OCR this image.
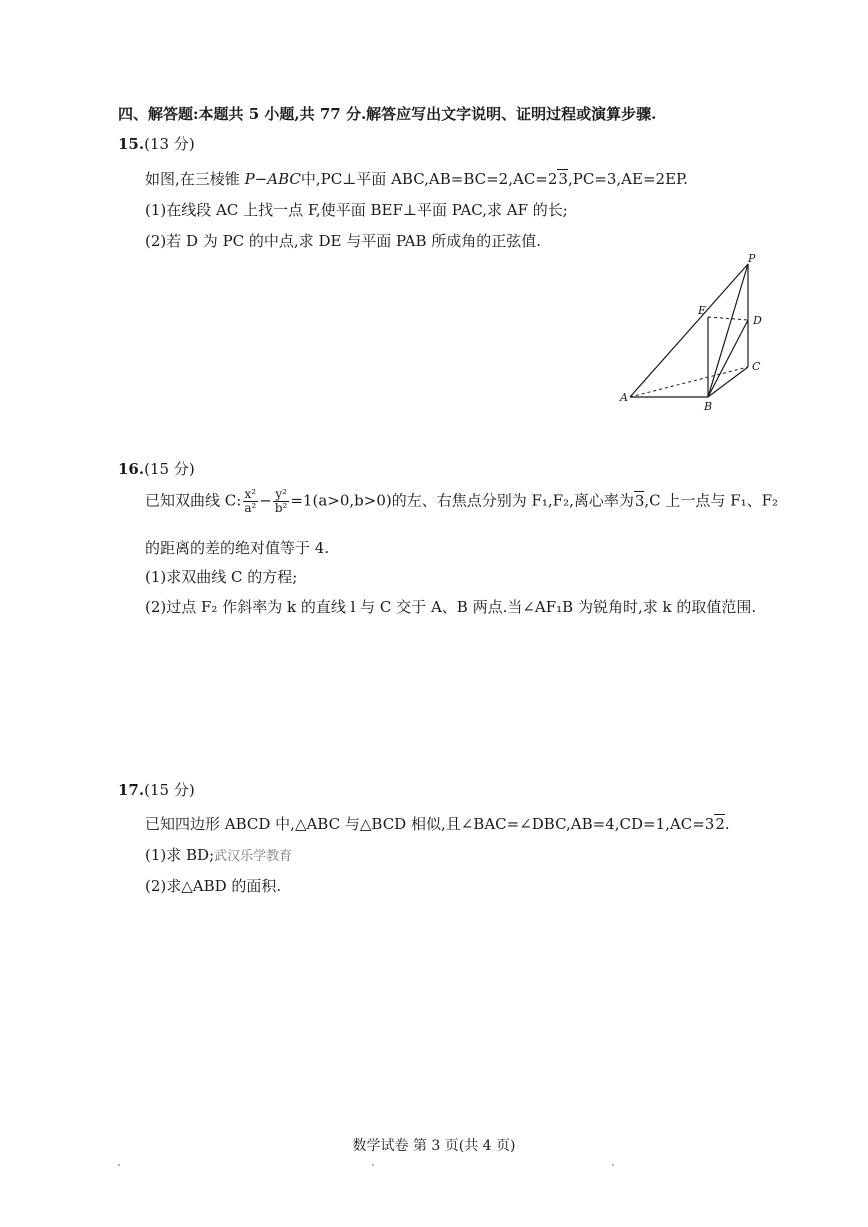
四、解答题:本题共 5 小题,共 77 分.解答应写出文字说明、证明过程或演算步骤.
15.(13 分)
如图,在三棱锥 P−ABC中,PC⊥平面 ABC,AB=BC=2,AC=23,PC=3,AE=2EP.
(1)在线段 AC 上找一点 F,使平面 BEF⊥平面 PAC,求 AF 的长;
(2)若 D 为 PC 的中点,求 DE 与平面 PAB 所成角的正弦值.
P
E
D
C
A
B
16.(15 分)
已知双曲线 C: $\frac{\text{x²}}{\text{a²}} - \frac{\text{y²}}{\text{b²}} =1(a>0,b>0)$的左、右焦点分别为 F₁,F₂,离心率为3,C 上一点与 F₁、F₂
的距离的差的绝对值等于 4.
(1)求双曲线 C 的方程;
(2)过点 F₂ 作斜率为 k 的直线 l 与 C 交于 A、B 两点.当∠AF₁B 为锐角时,求 k 的取值范围.
17.(15 分)
已知四边形 ABCD 中,△ABC 与△BCD 相似,且∠BAC=∠DBC,AB=4,CD=1,AC=32.
(1)求 BD;武汉乐学教育
(2)求△ABD 的面积.
数学试卷 第 3 页(共 4 页)
